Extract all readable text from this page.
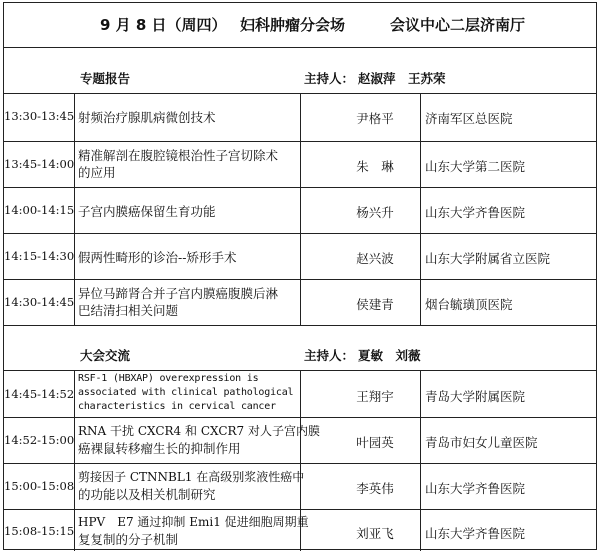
9 月 8 日（周四） 妇科肿瘤分会场	会议中心二层济南厅
专题报告	主持人： 赵淑萍　王苏荣
13:30-13:45 射频治疗腺肌病微创技术	尹格平	济南军区总医院
13:45-14:00
精准解剖在腹腔镜根治性子宫切除术
的应用	朱　琳	山东大学第二医院
14:00-14:15 子宫内膜癌保留生育功能	杨兴升	山东大学齐鲁医院
14:15-14:30 假两性畸形的诊治--矫形手术	赵兴波	山东大学附属省立医院
14:30-14:45
异位马蹄肾合并子宫内膜癌腹膜后淋
巴结清扫相关问题	侯建青	烟台毓璜顶医院
大会交流	主持人： 夏敏　刘薇
14:45-14:52
RSF-1 (HBXAP) overexpression is
associated with clinical pathological
characteristics in cervical cancer
王翔宇	青岛大学附属医院
14:52-15:00
RNA 干扰 CXCR4 和 CXCR7 对人子宫内膜
癌裸鼠转移瘤生长的抑制作用	叶园英	青岛市妇女儿童医院
15:00-15:08
剪接因子 CTNNBL1 在高级别浆液性癌中
的功能以及相关机制研究	李英伟	山东大学齐鲁医院
15:08-15:15
HPV　E7 通过抑制 Emi1 促进细胞周期重
复复制的分子机制	刘亚飞	山东大学齐鲁医院
